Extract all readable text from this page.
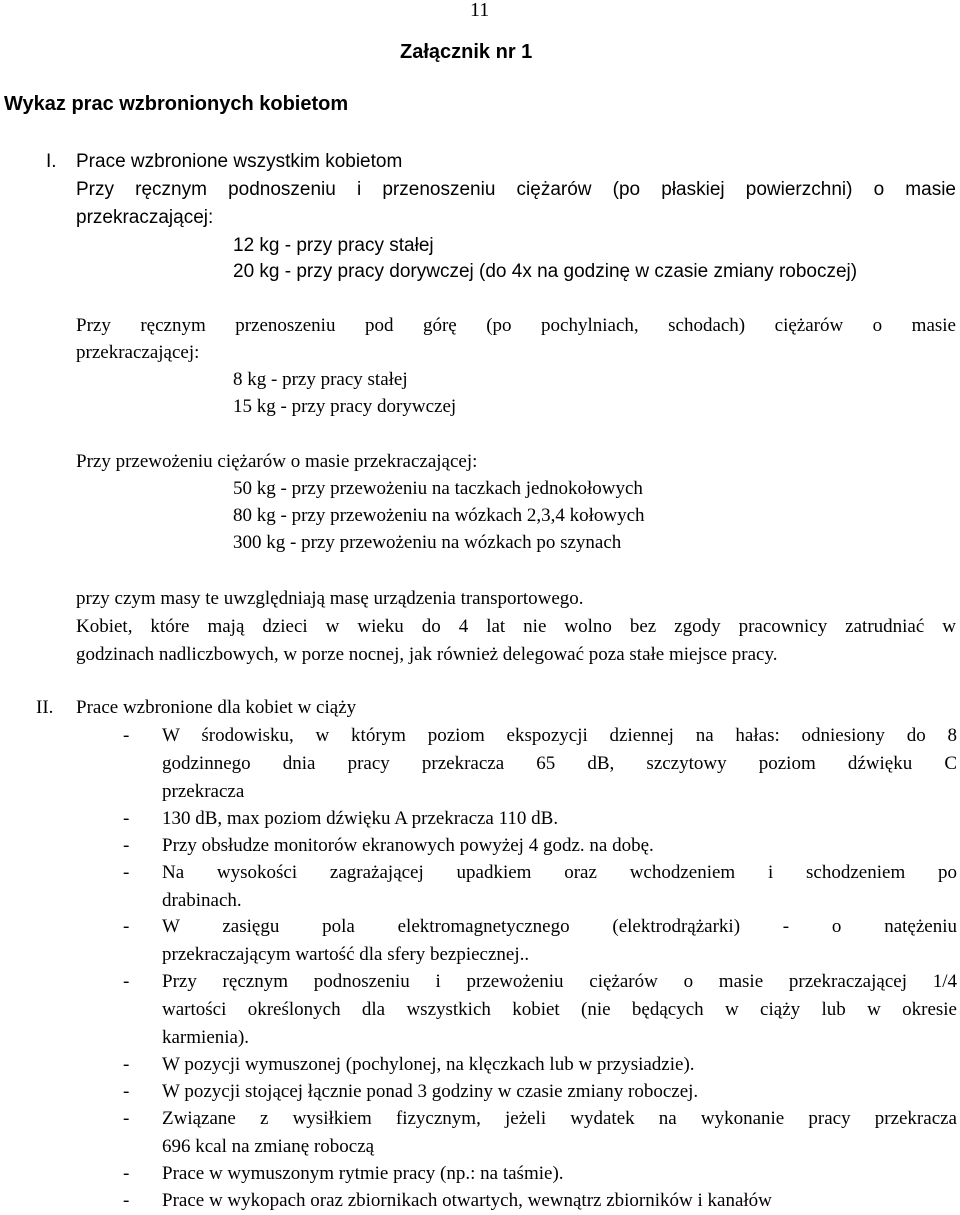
11
Załącznik nr 1
Wykaz prac wzbronionych kobietom
I. Prace wzbronione wszystkim kobietom
Przy ręcznym podnoszeniu i przenoszeniu ciężarów (po płaskiej powierzchni) o masie
przekraczającej:
12 kg - przy pracy stałej
20 kg - przy pracy dorywczej (do 4x na godzinę w czasie zmiany roboczej)
Przy ręcznym przenoszeniu pod górę (po pochylniach, schodach) ciężarów o masie
przekraczającej:
8 kg - przy pracy stałej
15 kg - przy pracy dorywczej
Przy przewożeniu ciężarów o masie przekraczającej:
50 kg - przy przewożeniu na taczkach jednokołowych
80 kg - przy przewożeniu na wózkach 2,3,4 kołowych
300 kg - przy przewożeniu na wózkach po szynach
przy czym masy te uwzględniają masę urządzenia transportowego.
Kobiet, które mają dzieci w wieku do 4 lat nie wolno bez zgody pracownicy zatrudniać w
godzinach nadliczbowych, w porze nocnej, jak również delegować poza stałe miejsce pracy.
II. Prace wzbronione dla kobiet w ciąży
- W środowisku, w którym poziom ekspozycji dziennej na hałas: odniesiony do 8
godzinnego dnia pracy przekracza 65 dB, szczytowy poziom dźwięku C
przekracza
- 130 dB, max poziom dźwięku A przekracza 110 dB.
- Przy obsłudze monitorów ekranowych powyżej 4 godz. na dobę.
- Na wysokości zagrażającej upadkiem oraz wchodzeniem i schodzeniem po
drabinach.
- W zasięgu pola elektromagnetycznego (elektrodrążarki) - o natężeniu
przekraczającym wartość dla sfery bezpiecznej..
- Przy ręcznym podnoszeniu i przewożeniu ciężarów o masie przekraczającej 1/4
wartości określonych dla wszystkich kobiet (nie będących w ciąży lub w okresie
karmienia).
- W pozycji wymuszonej (pochylonej, na klęczkach lub w przysiadzie).
- W pozycji stojącej łącznie ponad 3 godziny w czasie zmiany roboczej.
- Związane z wysiłkiem fizycznym, jeżeli wydatek na wykonanie pracy przekracza
696 kcal na zmianę roboczą
- Prace w wymuszonym rytmie pracy (np.: na taśmie).
- Prace w wykopach oraz zbiornikach otwartych, wewnątrz zbiorników i kanałów
